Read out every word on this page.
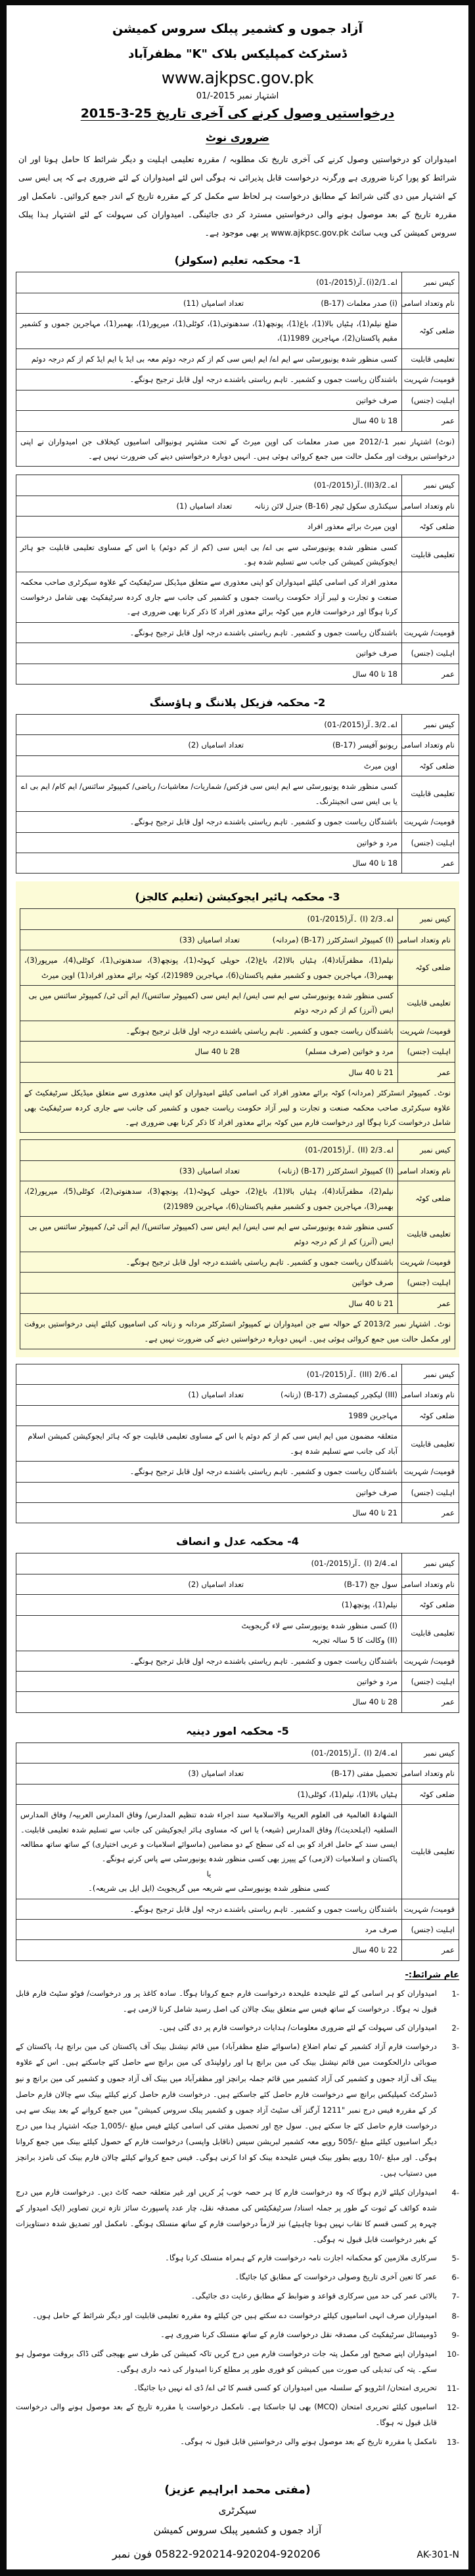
آزاد جموں و کشمیر پبلک سروس کمیشن
ڈسٹرکٹ کمپلیکس بلاک "K" مظفرآباد
www.ajkpsc.gov.pk
اشتہار نمبر 2015-/01
درخواستیں وصول کرنے کی آخری تاریخ 25-3-2015
ضروری نوٹ
امیدواران کو درخواستیں وصول کرنے کی آخری تاریخ تک مطلوبہ / مقررہ تعلیمی اہلیت و دیگر شرائط کا حامل ہونا اور ان شرائط کو پورا کرنا ضروری ہے ورگرنہ درخواست قابل پذیرائی نہ ہوگی اس لئے امیدواران کے لئے ضروری ہے کہ پی ایس سی کے اشتہار میں دی گئی شرائط کے مطابق درخواست ہر لحاظ سے مکمل کر کے مقررہ تاریخ کے اندر جمع کروائیں۔ نامکمل اور مقررہ تاریخ کے بعد موصول ہونے والی درخواستیں مسترد کر دی جائینگی۔ امیدواران کی سہولت کے لئے اشتہار ہذا پبلک سروس کمیشن کی ویب سائٹ www.ajkpsc.gov.pk پر بھی موجود ہے۔
1- محکمہ تعلیم (سکولز)
کیس نمبر	اے۔2/1(i)۔آر(2015/-01)
نام وتعداد اسامی	(i) صدر معلمات (B-17)
تعداد اسامیاں (11)

ضلعی کوٹہ	ضلع نیلم(1)، ہٹیاں بالا(1)، باغ(1)، پونچھ(1)، سدھنوتی(1)، کوٹلی(1)، میرپور(1)، بھمبر(1)، مہاجرین جموں و کشمیر مقیم پاکستان(2)، مہاجرین 1989(1)،
تعلیمی قابلیت	کسی منظور شدہ یونیورسٹی سے ایم اے/ ایم ایس سی کم از کم درجہ دوئم معہ بی ایڈ یا ایم ایڈ کم از کم درجہ دوئم
قومیت/ شہریت	باشندگان ریاست جموں و کشمیر۔ تاہم ریاستی باشندے درجہ اول قابل ترجیح ہونگے۔
اہلیت (جنس)	صرف خواتین
عمر	18 تا 40 سال
(نوٹ) اشتہار نمبر 1-/2012 میں صدر معلمات کی اوپن میرٹ کے تحت مشتہر ہونیوالی اسامیوں کیخلاف جن امیدواران نے اپنی درخواستیں بروقت اور مکمل حالت میں جمع کروائی ہوئی ہیں۔ انہیں دوبارہ درخواستیں دینے کی ضرورت نہیں ہے۔	
کیس نمبر	اے۔3/2(II)۔آر(2015/-01)
نام وتعداد اسامی	سیکنڈری سکول ٹیچر (B-16) جنرل لائن زنانہ
تعداد اسامیاں (1)

ضلعی کوٹہ	اوپن میرٹ برائے معذور افراد
تعلیمی قابلیت	کسی منظور شدہ یونیورسٹی سے بی اے/ بی ایس سی (کم از کم دوئم) یا اس کے مساوی تعلیمی قابلیت جو ہائر ایجوکیشن کمیشن کی جانب سے تسلیم شدہ ہو۔
	معذور افراد کی اسامی کیلئے امیدواران کو اپنی معذوری سے متعلق میڈیکل سرٹیفکیٹ کے علاوہ سیکرٹری صاحب محکمہ صنعت و تجارت و لیبر آزاد حکومت ریاست جموں و کشمیر کی جانب سے جاری کردہ سرٹیفکیٹ بھی شامل درخواست کرنا ہوگا اور درخواست فارم میں کوٹہ برائے معذور افراد کا ذکر کرنا بھی ضروری ہے۔
قومیت/ شہریت	باشندگان ریاست جموں و کشمیر۔ تاہم ریاستی باشندے درجہ اول قابل ترجیح ہونگے۔
اہلیت (جنس)	صرف خواتین
عمر	18 تا 40 سال
2- محکمہ فزیکل پلاننگ و ہاؤسنگ
کیس نمبر	اے۔3/2۔آر(2015/-01)
نام وتعداد اسامی	ریونیو آفیسر (B-17)
تعداد اسامیاں (2)

ضلعی کوٹہ	اوپن میرٹ
تعلیمی قابلیت	کسی منظور شدہ یونیورسٹی سے ایم ایس سی فزکس/ شماریات/ معاشیات/ ریاضی/ کمپیوٹر سائنس/ ایم کام/ ایم بی اے یا بی ایس سی انجینئرنگ۔
قومیت/ شہریت	باشندگان ریاست جموں و کشمیر۔ تاہم ریاستی باشندے درجہ اول قابل ترجیح ہونگے۔
اہلیت (جنس)	مرد و خواتین
عمر	18 تا 40 سال
3- محکمہ ہائیر ایجوکیشن (تعلیم کالجز)
کیس نمبر	اے۔2/3 (I) ۔آر(2015/-01)
نام وتعداد اسامی	(I) کمپیوٹر انسٹرکٹرز (B-17) (مردانہ)
تعداد اسامیاں (33)

ضلعی کوٹہ	نیلم(1)، مظفرآباد(4)، ہٹیاں بالا(2)، باغ(2)، حویلی کہوٹہ(1)، پونچھ(3)، سدھنوتی(1)، کوٹلی(4)، میرپور(3)، بھمبر(3)، مہاجرین جموں و کشمیر مقیم پاکستان(6)، مہاجرین 1989(2)، کوٹہ برائے معذور افراد(1) اوپن میرٹ
تعلیمی قابلیت	کسی منظور شدہ یونیورسٹی سے ایم سی ایس/ ایم ایس سی (کمپیوٹر سائنس)/ ایم آئی ٹی/ کمپیوٹر سائنس میں بی ایس (آنرز) کم از کم درجہ دوئم
قومیت/ شہریت	باشندگان ریاست جموں و کشمیر۔ تاہم ریاستی باشندے درجہ اول قابل ترجیح ہونگے۔
اہلیت (جنس)	مرد و خواتین (صرف مسلم)
28 تا 40 سال

عمر	21 تا 40 سال
نوٹ۔ کمپیوٹر انسٹرکٹر (مردانہ) کوٹہ برائے معذور افراد کی اسامی کیلئے امیدواران کو اپنی معذوری سے متعلق میڈیکل سرٹیفکیٹ کے علاوہ سیکرٹری صاحب محکمہ صنعت و تجارت و لیبر آزاد حکومت ریاست جموں و کشمیر کی جانب سے جاری کردہ سرٹیفکیٹ بھی شامل درخواست کرنا ہوگا اور درخواست فارم میں کوٹہ برائے معذور افراد کا ذکر کرنا بھی ضروری ہے۔	
کیس نمبر	اے۔2/3 (II) ۔آر(2015/-01)
نام وتعداد اسامی	(I) کمپیوٹر انسٹرکٹرز (B-17) (زنانہ)
تعداد اسامیاں (33)

ضلعی کوٹہ	نیلم(2)، مظفرآباد(4)، ہٹیاں بالا(1)، باغ(2)، حویلی کہوٹہ(1)، پونچھ(3)، سدھنوتی(2)، کوٹلی(5)، میرپور(2)، بھمبر(3)، مہاجرین جموں و کشمیر مقیم پاکستان(6)، مہاجرین 1989(2)
تعلیمی قابلیت	کسی منظور شدہ یونیورسٹی سے ایم سی ایس/ ایم ایس سی (کمپیوٹر سائنس)/ ایم آئی ٹی/ کمپیوٹر سائنس میں بی ایس (آنرز) کم از کم درجہ دوئم
قومیت/ شہریت	باشندگان ریاست جموں و کشمیر۔ تاہم ریاستی باشندے درجہ اول قابل ترجیح ہونگے۔
اہلیت (جنس)	صرف خواتین
عمر	21 تا 40 سال
نوٹ۔ اشتہار نمبر 2013/2 کے حوالہ سے جن امیدواران نے کمپیوٹر انسٹرکٹر مردانہ و زنانہ کی اسامیوں کیلئے اپنی درخواستیں بروقت اور مکمل حالت میں جمع کروائی ہوئی ہیں۔ انہیں دوبارہ درخواستیں دینے کی ضرورت نہیں ہے۔	
کیس نمبر	اے۔2/6 (III) ۔آر(2015/-01)
نام وتعداد اسامی	(III) لیکچرر کیمسٹری (B-17) (زنانہ)
تعداد اسامیاں (1)

ضلعی کوٹہ	مہاجرین 1989
تعلیمی قابلیت	متعلقہ مضمون میں ایم ایس سی کم از کم دوئم یا اس کے مساوی تعلیمی قابلیت جو کہ ہائر ایجوکیشن کمیشن اسلام آباد کی جانب سے تسلیم شدہ ہو۔
قومیت/ شہریت	باشندگان ریاست جموں و کشمیر۔ تاہم ریاستی باشندے درجہ اول قابل ترجیح ہونگے۔
اہلیت (جنس)	صرف خواتین
عمر	21 تا 40 سال
4- محکمہ عدل و انصاف
کیس نمبر	اے۔2/4 (I) ۔آر(2015/-01)
نام وتعداد اسامی	سول جج (B-17)
تعداد اسامیاں (2)

ضلعی کوٹہ	نیلم(1)، پونچھ(1)
تعلیمی قابلیت	(I) کسی منظور شدہ یونیورسٹی سے لاء گریجویٹ
(II) وکالت کا 5 سالہ تجربہ

قومیت/ شہریت	باشندگان ریاست جموں و کشمیر۔ تاہم ریاستی باشندے درجہ اول قابل ترجیح ہونگے۔
اہلیت (جنس)	مرد و خواتین
عمر	28 تا 40 سال
5- محکمہ امور دینیہ
کیس نمبر	اے۔2/4 (I) ۔آر(2015/-01)
نام وتعداد اسامی	تحصیل مفتی (B-17)
تعداد اسامیاں (3)

ضلعی کوٹہ	ہٹیاں بالا(1)، نیلم(1)، کوٹلی(1)
تعلیمی قابلیت	الشھادۃ العالمیۃ فی العلوم العربیۃ والاسلامیۃ سند اجراء شدہ تنظیم المدارس/ وفاق المدارس العربیہ/ وفاق المدارس السلفیہ (اہلحدیث)/ وفاق المدارس (شیعہ) یا اس کہ مساوی ہائر ایجوکیشن کی جانب سے تسلیم شدہ تعلیمی قابلیت۔ ایسی سند کے حامل افراد کو بی اے کی سطح کے دو مضامین (ماسوائے اسلامیات و عربی اختیاری) کے ساتھ ساتھ مطالعہ پاکستان و اسلامیات (لازمی) کے پیپرز بھی کسی منظور شدہ یونیورسٹی سے پاس کرنے ہونگے۔
یا
کسی منظور شدہ یونیورسٹی سے شریعہ میں گریجویٹ (ایل ایل بی شریعہ)۔

قومیت/ شہریت	باشندگان ریاست جموں و کشمیر۔ تاہم ریاستی باشندے درجہ اول قابل ترجیح ہونگے۔
اہلیت (جنس)	صرف مرد
عمر	22 تا 40 سال
عام شرائط:-
1-
امیدواران کو ہر اسامی کے لئے علیحدہ علیحدہ درخواست فارم جمع کروانا ہوگا۔ سادہ کاغذ پر ور درخواست/ فوٹو سٹیٹ فارم قابل قبول نہ ہوگا۔ درخواست کے ساتھ فیس سے متعلق بینک چالان کی اصل رسید شامل کرنا لازمی ہے۔
2-
امیدواران کی سہولت کے لئے ضروری معلومات/ ہدایات درخواست فارم پر دی گئی ہیں۔
3-
درخواست فارم آزاد کشمیر کے تمام اضلاع (ماسوائے ضلع مظفرآباد) میں قائم نیشنل بینک آف پاکستان کی مین برانچ ہا، پاکستان کے صوبائی دارالحکومت میں قائم نیشنل بینک کی مین برانچ ہا اور راولپنڈی کی مین برانچ سے حاصل کئے جاسکتے ہیں۔ اس کے علاوہ بینک آف آزاد جموں و کشمیر کی آزاد کشمیر میں قائم جملہ برانچز اور مظفرآباد میں بینک آف آزاد جموں و کشمیر کی مین برانچ و نیو ڈسٹرکٹ کمپلیکس برانچ سے درخواست فارم حاصل کئے جاسکتے ہیں۔ درخواست فارم حاصل کرنے کیلئے بینک سے چالان فارم حاصل کر کے مقررہ فیس درج نمبر "1211 آرگنز آف سٹیٹ آزاد جموں و کشمیر پبلک سروس کمیشن" میں جمع کروانے کے بعد بینک سے ہی درخواست فارم حاصل کئے جا سکتے ہیں۔ سول جج اور تحصیل مفتی کی اسامی کیلئے فیس مبلغ -/1,005 جبکہ اشتہار ہذا میں درج دیگر اسامیوں کیلئے مبلغ -/505 روپے معہ کشمیر لبریشن سیس (ناقابل واپسی) درخواست فارم کے حصول کیلئے بینک میں جمع کروانا ہوگی۔ اور مبلغ -/10 روپے بطور بینک فیس علیحدہ بینک کو ادا کرنی ہوگی۔ فیس جمع کروانے کیلئے چالان فارم بینک کی نامزد برانچز میں دستیاب ہیں۔
4-
امیدواران کیلئے لازم ہوگا کہ وہ درخواست فارم کا ہر حصہ خوب پُر کریں اور غیر متعلقہ حصہ کاٹ دیں۔ درخواست فارم میں درج شدہ کوائف کے ثبوت کے طور پر جملہ اسناد/ سرٹیفکیٹس کی مصدقہ نقل، چار عدد پاسپورٹ سائز تازہ ترین تصاویر (ایک امیدوار کے چہرہ پر کسی قسم کا نقاب نہیں ہونا چاہیئے) نیز لازماً درخواست فارم کے ساتھ منسلک ہونگے۔ نامکمل اور تصدیق شدہ دستاویزات کے بغیر درخواست قابل قبول نہ ہوگی۔
5-
سرکاری ملازمین کو محکمانہ اجازت نامہ درخواست فارم کے ہمراہ منسلک کرنا ہوگا۔
6-
عمر کا تعین آخری تاریخ وصولی درخواست کے مطابق کیا جائیگا۔
7-
بالائی عمر کی حد میں سرکاری قواعد و ضوابط کے مطابق رعایت دی جائیگی۔
8-
امیدواران صرف انہی اسامیوں کیلئے درخواست دے سکتے ہیں جن کیلئے وہ مقررہ تعلیمی قابلیت اور دیگر شرائط کے حامل ہوں۔
9-
ڈومیسائل سرٹیفکیٹ کی مصدقہ نقل درخواست فارم کے ساتھ منسلک کرنا ضروری ہے۔
10-
امیدواران اپنے صحیح اور مکمل پتہ جات درخواست فارم میں درج کریں تاکہ کمیشن کی طرف سے بھیجی گئی ڈاک بروقت موصول ہو سکے۔ پتہ کی تبدیلی کی صورت میں کمیشن کو فوری طور پر مطلع کرنا امیدوار کی ذمہ داری ہوگی۔
11-
تحریری امتحان/ انٹرویو کے سلسلہ میں امیدواران کو کسی قسم کا ٹی اے/ ڈی اے نہیں دیا جائیگا۔
12-
اسامیوں کیلئے تحریری امتحان (MCQ) بھی لیا جاسکتا ہے۔ نامکمل درخواست یا مقررہ تاریخ کے بعد موصول ہونے والی درخواست قابل قبول نہ ہوگا۔
13-
نامکمل یا مقررہ تاریخ کے بعد موصول ہونے والی درخواستیں قابل قبول نہ ہوگی۔
(مفتی محمد ابراہیم عزیز)
سیکرٹری
آزاد جموں و کشمیر پبلک سروس کمیشن
AK-301-N
05822-920214-920204-920206 فون نمبر
